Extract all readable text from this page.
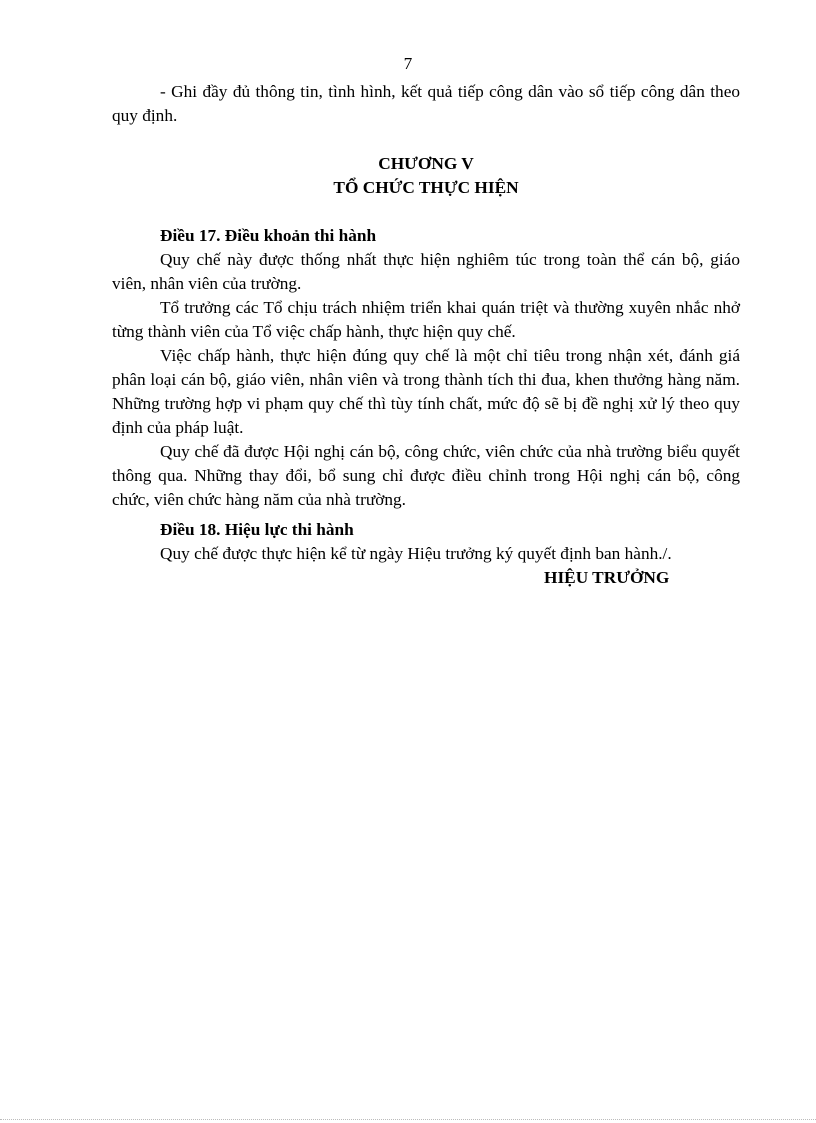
7

- Ghi đầy đủ thông tin, tình hình, kết quả tiếp công dân vào sổ tiếp công dân theo quy định.

CHƯƠNG V
TỔ CHỨC THỰC HIỆN

Điều 17. Điều khoản thi hành

Quy chế này được thống nhất thực hiện nghiêm túc trong toàn thể cán bộ, giáo viên, nhân viên của trường.

Tổ trưởng các Tổ chịu trách nhiệm triển khai quán triệt và thường xuyên nhắc nhở từng thành viên của Tổ việc chấp hành, thực hiện quy chế.

Việc chấp hành, thực hiện đúng quy chế là một chỉ tiêu trong nhận xét, đánh giá phân loại cán bộ, giáo viên, nhân viên và trong thành tích thi đua, khen thưởng hàng năm. Những trường hợp vi phạm quy chế thì tùy tính chất, mức độ sẽ bị đề nghị xử lý theo quy định của pháp luật.

Quy chế đã được Hội nghị cán bộ, công chức, viên chức của nhà trường biểu quyết thông qua. Những thay đổi, bổ sung chỉ được điều chỉnh trong Hội nghị cán bộ, công chức, viên chức hàng năm của nhà trường.

Điều 18. Hiệu lực thi hành

Quy chế được thực hiện kể từ ngày Hiệu trưởng ký quyết định ban hành./.

HIỆU TRƯỞNG
